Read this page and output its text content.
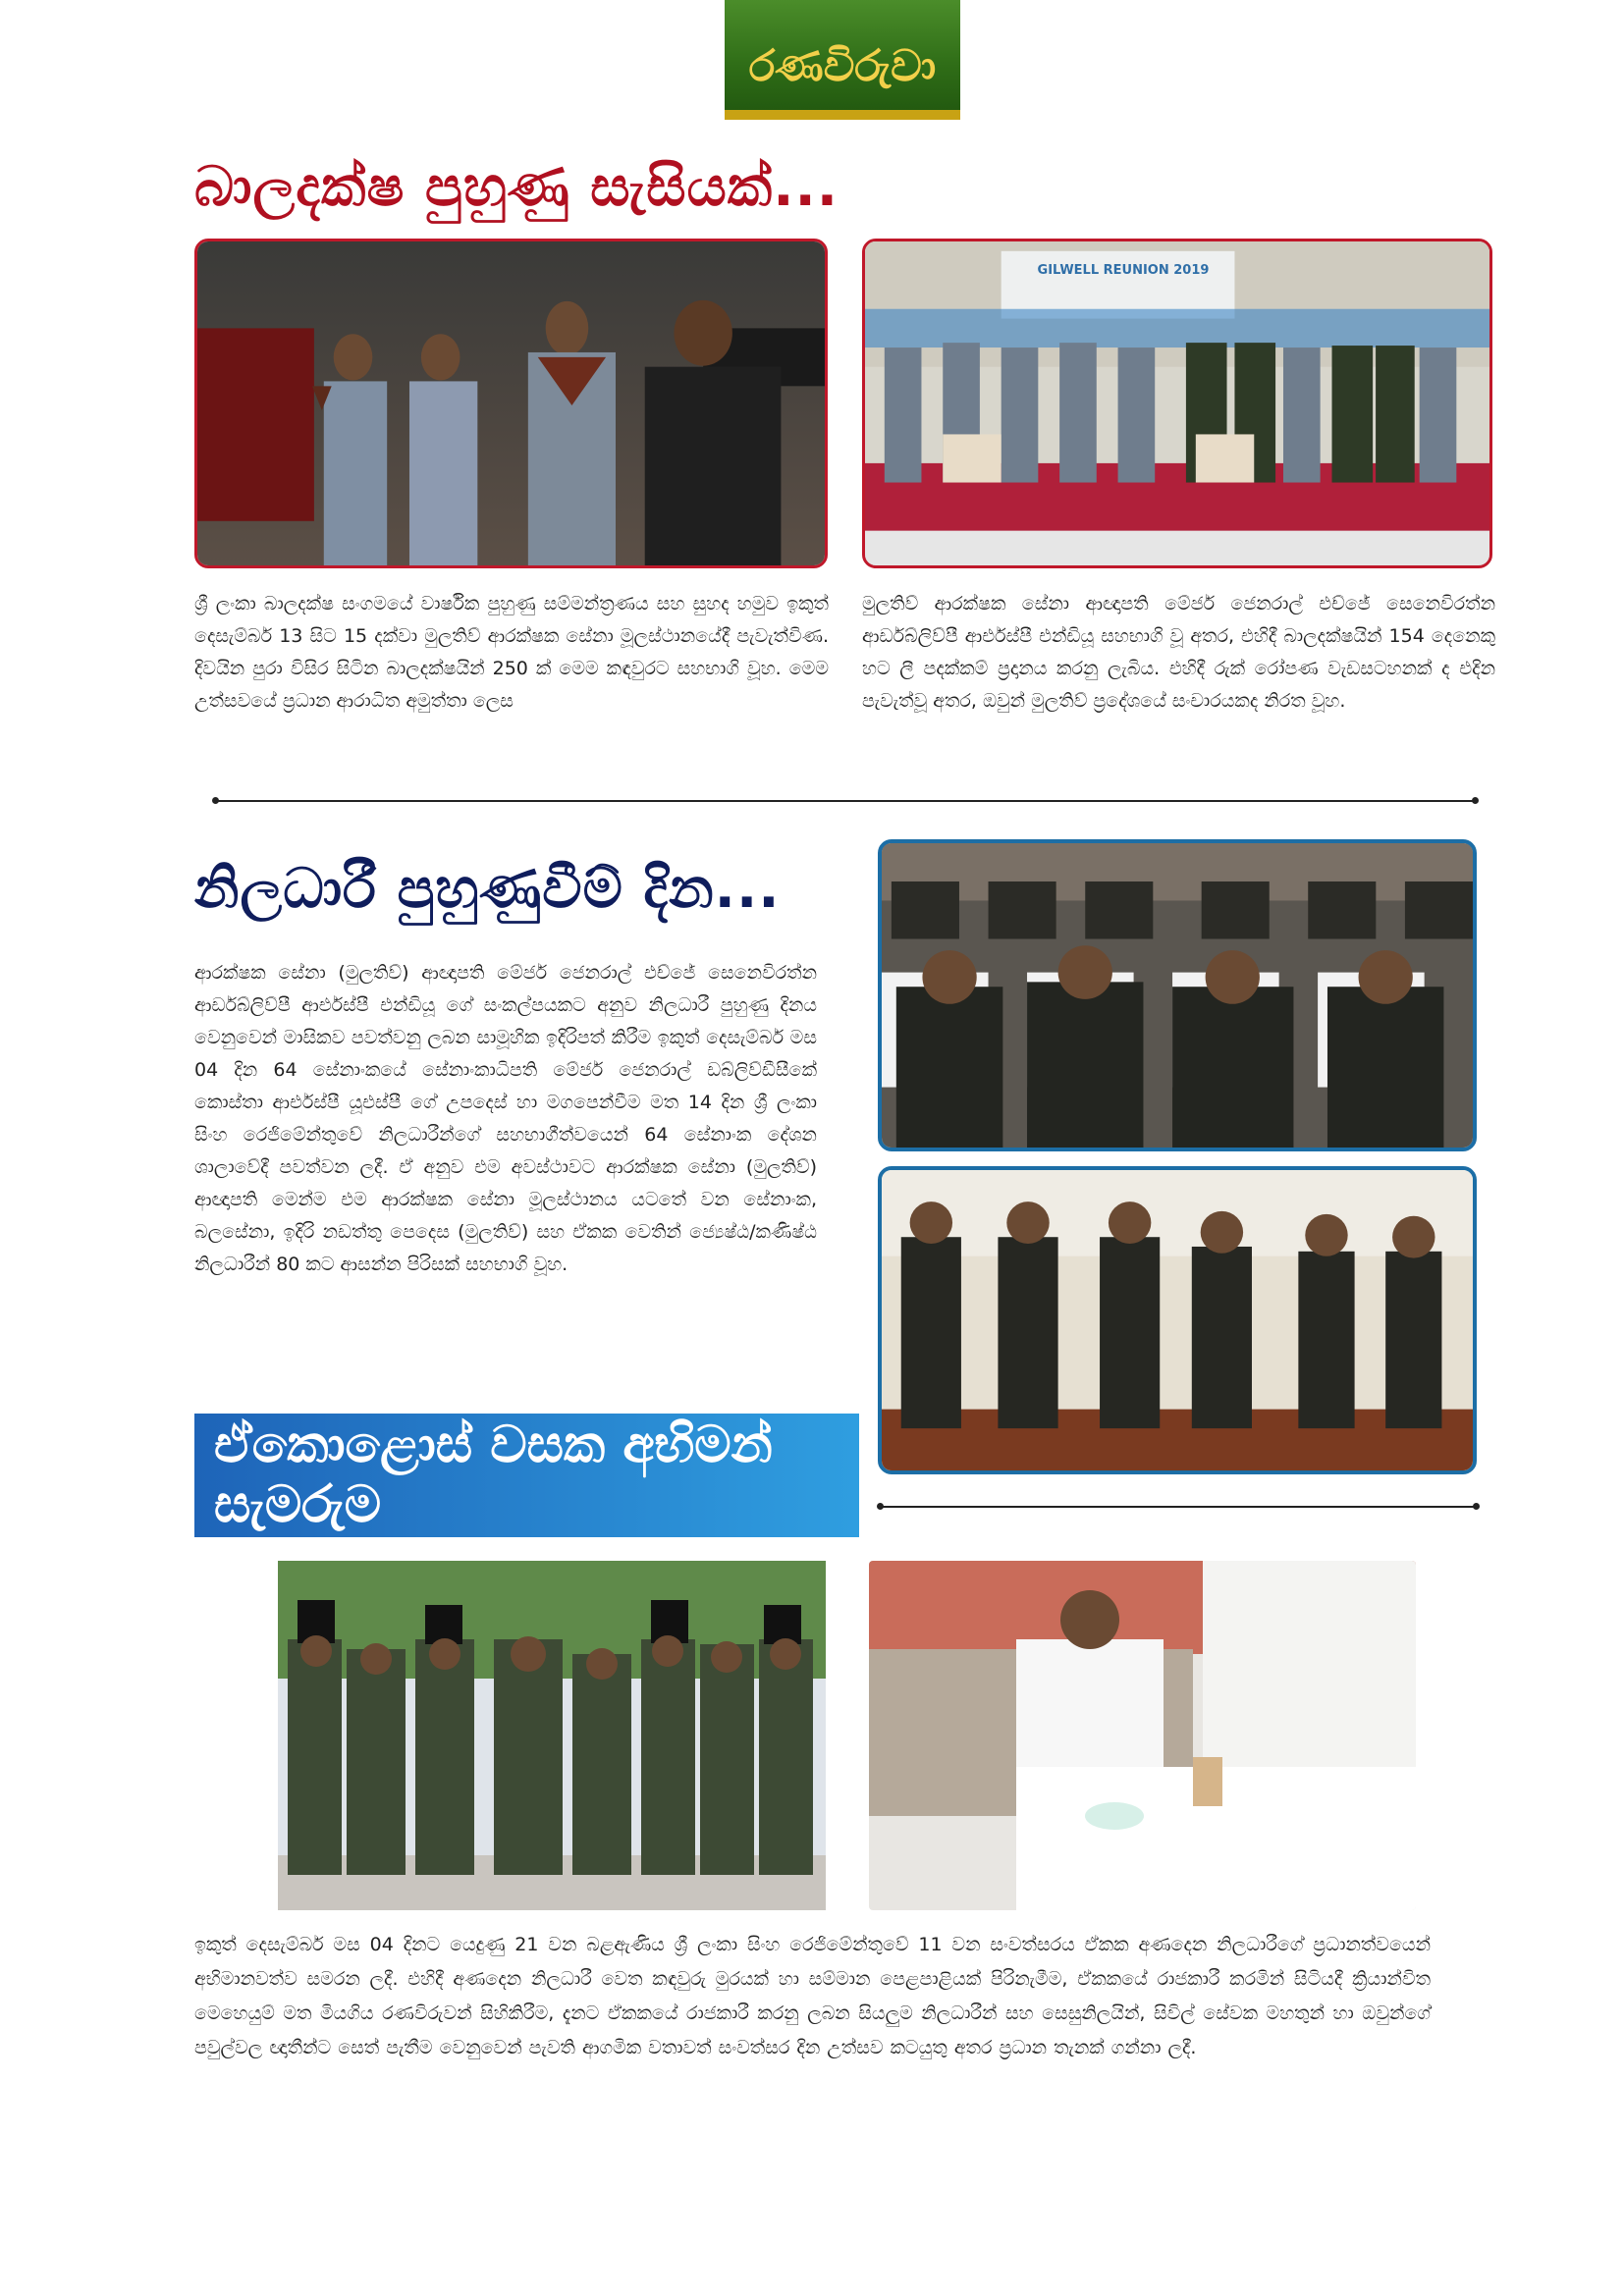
රණවිරුවා
බාලදක්ෂ පුහුණු සැසියක්...
GILWELL REUNION 2019
ශ්‍රී ලංකා බාලදක්ෂ සංගමයේ වාර්ෂික පුහුණු සම්මන්ත්‍රණය සහ සුහද හමුව ඉකුත් දෙසැම්බර් 13 සිට 15 දක්වා මුලතිව් ආරක්ෂක සේනා මූලස්ථානයේදී පැවැත්විණ. දිවයින පුරා විසිර සිටින බාලදක්ෂයින් 250 ක් මෙම කඳවුරට සහභාගි වූහ. මෙම උත්සවයේ ප්‍රධාන ආරාධිත අමුත්තා ලෙස
මුලතිව් ආරක්ෂක සේනා ආඥාපති මේජර් ජෙනරාල් එච්ජේ සෙනෙවිරත්න ආර්ඩබ්ලිව්පී ආර්එස්පී එන්ඩියූ සහභාගි වූ අතර, එහිදී බාලදක්ෂයින් 154 දෙනෙකු හට ලී පදක්කම් ප්‍රදානය කරනු ලැබිය. එහිදී රුක් රෝපණ වැඩසටහනක් ද එදින පැවැත්වූ අතර, ඔවුන් මුලතිව් ප්‍රදේශයේ සංචාරයකද නිරත වූහ.
නිලධාරී පුහුණුවීම් දින...
ආරක්ෂක සේනා (මුලතිව්) ආඥාපති මේජර් ජෙනරාල් එච්ජේ සෙනෙවිරත්න ආර්ඩබ්ලිව්පී ආර්එස්පී එන්ඩියූ ගේ සංකල්පයකට අනුව නිලධාරී පුහුණු දිනය වෙනුවෙන් මාසිකව පවත්වනු ලබන සාමූහික ඉදිරිපත් කිරීම ඉකුත් දෙසැම්බර් මස 04 දින 64 සේනාංකයේ සේනාංකාධිපති මේජර් ජෙනරාල් ඩබ්ලිව්ඩීසීකේ කොස්තා ආර්එස්පී යූඑස්පී ගේ උපදෙස් හා මගපෙන්වීම මත 14 දින ශ්‍රී ලංකා සිංහ රෙජිමේන්තුවේ නිලධාරීන්ගේ සහභාගීත්වයෙන් 64 සේනාංක දේශන ශාලාවේදී පවත්වන ලදී. ඒ අනුව එම අවස්ථාවට ආරක්ෂක සේනා (මුලතිව්) ආඥාපති මෙන්ම එම ආරක්ෂක සේනා මූලස්ථානය යටතේ වන සේනාංක, බලසේනා, ඉදිරි නඩත්තු පෙදෙස (මුලතිව්) සහ ඒකක වෙතින් ජ්‍යෙෂ්ඨ/කණිෂ්ඨ නිලධාරීන් 80 කට ආසන්න පිරිසක් සහභාගි වූහ.
ඒකොළොස් වසක අභිමන් සැමරුම
ඉකුත් දෙසැම්බර් මස 04 දිනට යෙදුණු 21 වන බළඇණිය ශ්‍රී ලංකා සිංහ රෙජිමේන්තුවේ 11 වන සංවත්සරය ඒකක අණදෙන නිලධාරීගේ ප්‍රධානත්වයෙන් අභිමානවත්ව සමරන ලදී. එහිදී අණදෙන නිලධාරී වෙත කඳවුරු මුරයක් හා සම්මාන පෙළපාළියක් පිරිනැමීම, ඒකකයේ රාජකාරී කරමින් සිටියදී ක්‍රියාන්විත මෙහෙයුම් මත මියගිය රණවිරුවන් සිහිකිරීම, දැනට ඒකකයේ රාජකාරී කරනු ලබන සියලුම නිලධාරීන් සහ සෙසුනිලයින්, සිවිල් සේවක මහතුන් හා ඔවුන්ගේ පවුල්වල ඥාතීන්ට සෙත් පැතීම වෙනුවෙන් පැවති ආගමික වතාවත් සංවත්සර දින උත්සව කටයුතු අතර ප්‍රධාන තැනක් ගන්නා ලදී.
